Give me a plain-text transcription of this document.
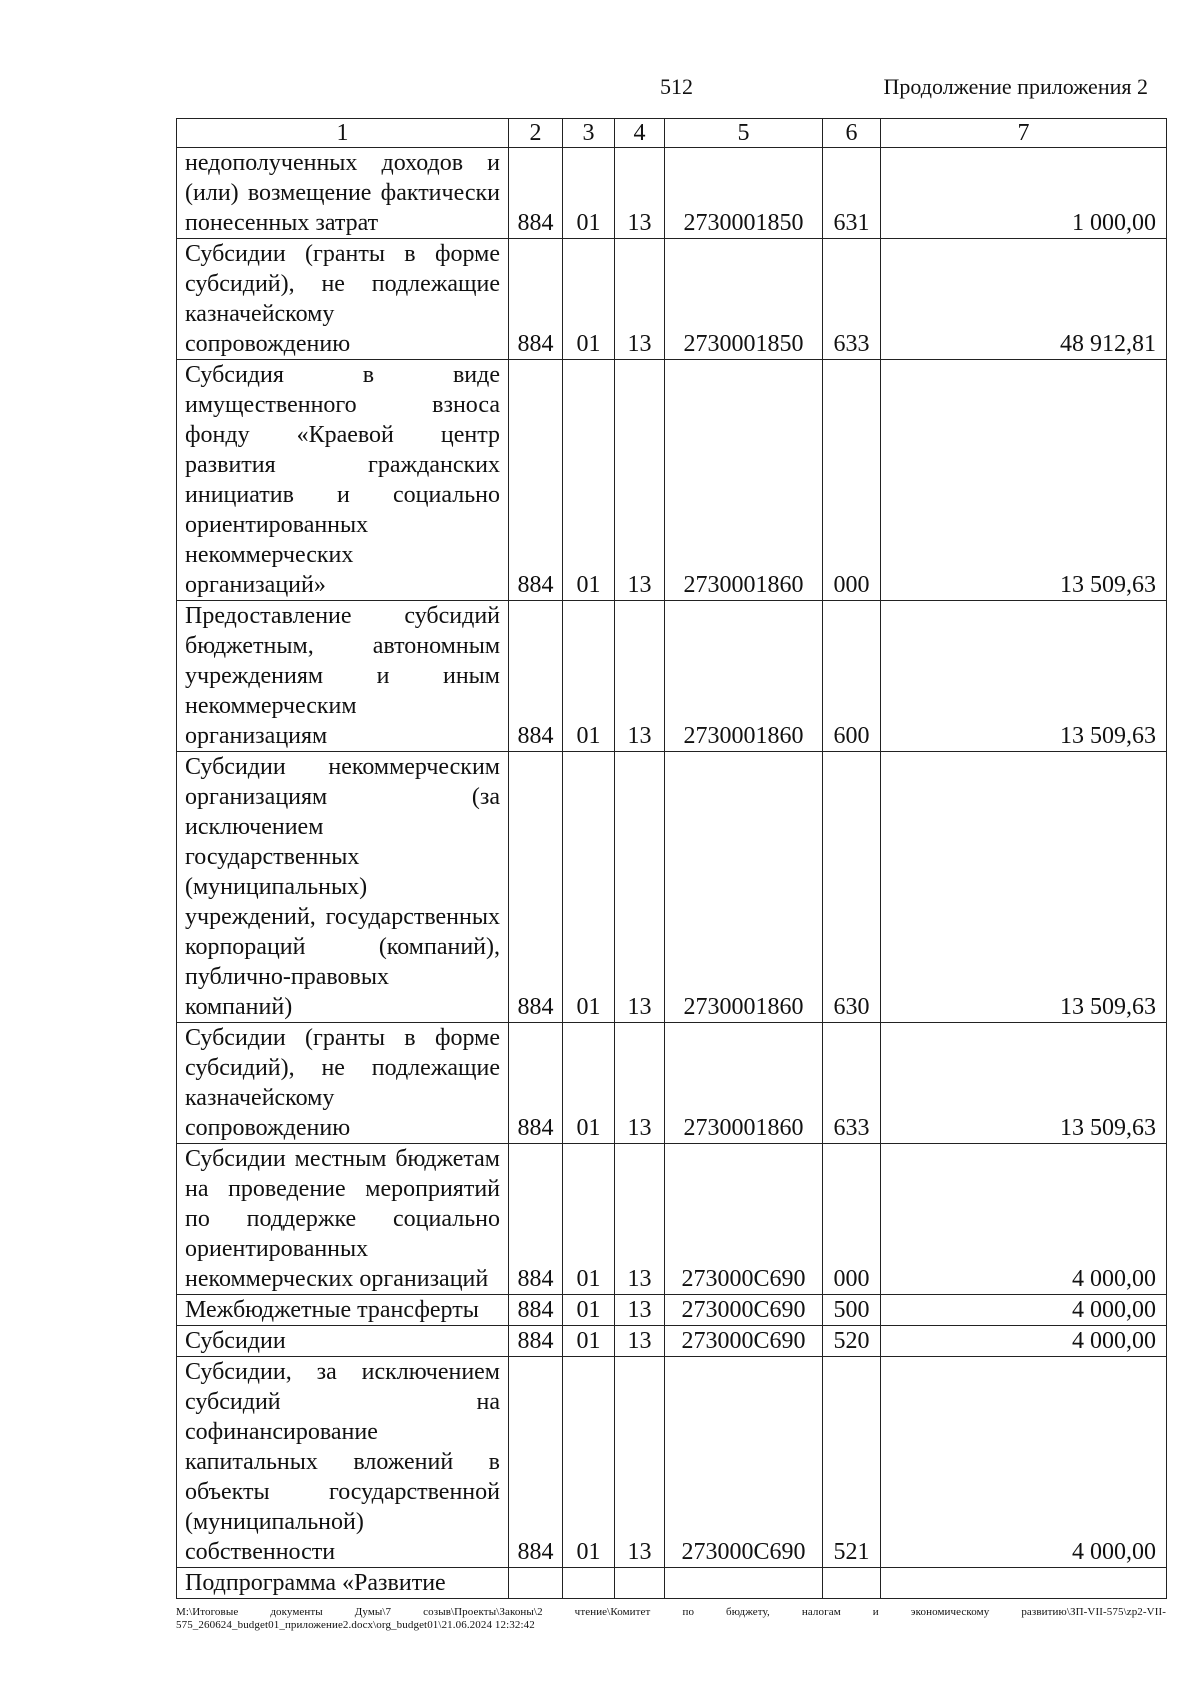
512	Продолжение приложения 2
1	2	3	4	5	6	7
недополученных доходов и (или) возмещение фактически понесенных затрат	884	01	13	2730001850	631	1 000,00
Субсидии (гранты в форме субсидий), не подлежащие казначейскому сопровождению	884	01	13	2730001850	633	48 912,81
Субсидия в виде имущественного взноса фонду «Краевой центр развития гражданских инициатив и социально ориентированных некоммерческих организаций»	884	01	13	2730001860	000	13 509,63
Предоставление субсидий бюджетным, автономным учреждениям и иным некоммерческим организациям	884	01	13	2730001860	600	13 509,63
Субсидии некоммерческим организациям (за исключением государственных (муниципальных) учреждений, государственных корпораций (компаний), публично-правовых компаний)	884	01	13	2730001860	630	13 509,63
Субсидии (гранты в форме субсидий), не подлежащие казначейскому сопровождению	884	01	13	2730001860	633	13 509,63
Субсидии местным бюджетам на проведение мероприятий по поддержке социально ориентированных некоммерческих организаций	884	01	13	273000С690	000	4 000,00
Межбюджетные трансферты	884	01	13	273000С690	500	4 000,00
Субсидии	884	01	13	273000С690	520	4 000,00
Субсидии, за исключением субсидий на софинансирование капитальных вложений в объекты государственной (муниципальной) собственности	884	01	13	273000С690	521	4 000,00
Подпрограмма «Развитие						
M:\Итоговые документы Думы\7 созыв\Проекты\Законы\2 чтение\Комитет по бюджету, налогам и экономическому развитию\ЗП-VII-575\zp2-VII-575_260624_budget01_приложение2.docx\org_budget01\21.06.2024 12:32:42
